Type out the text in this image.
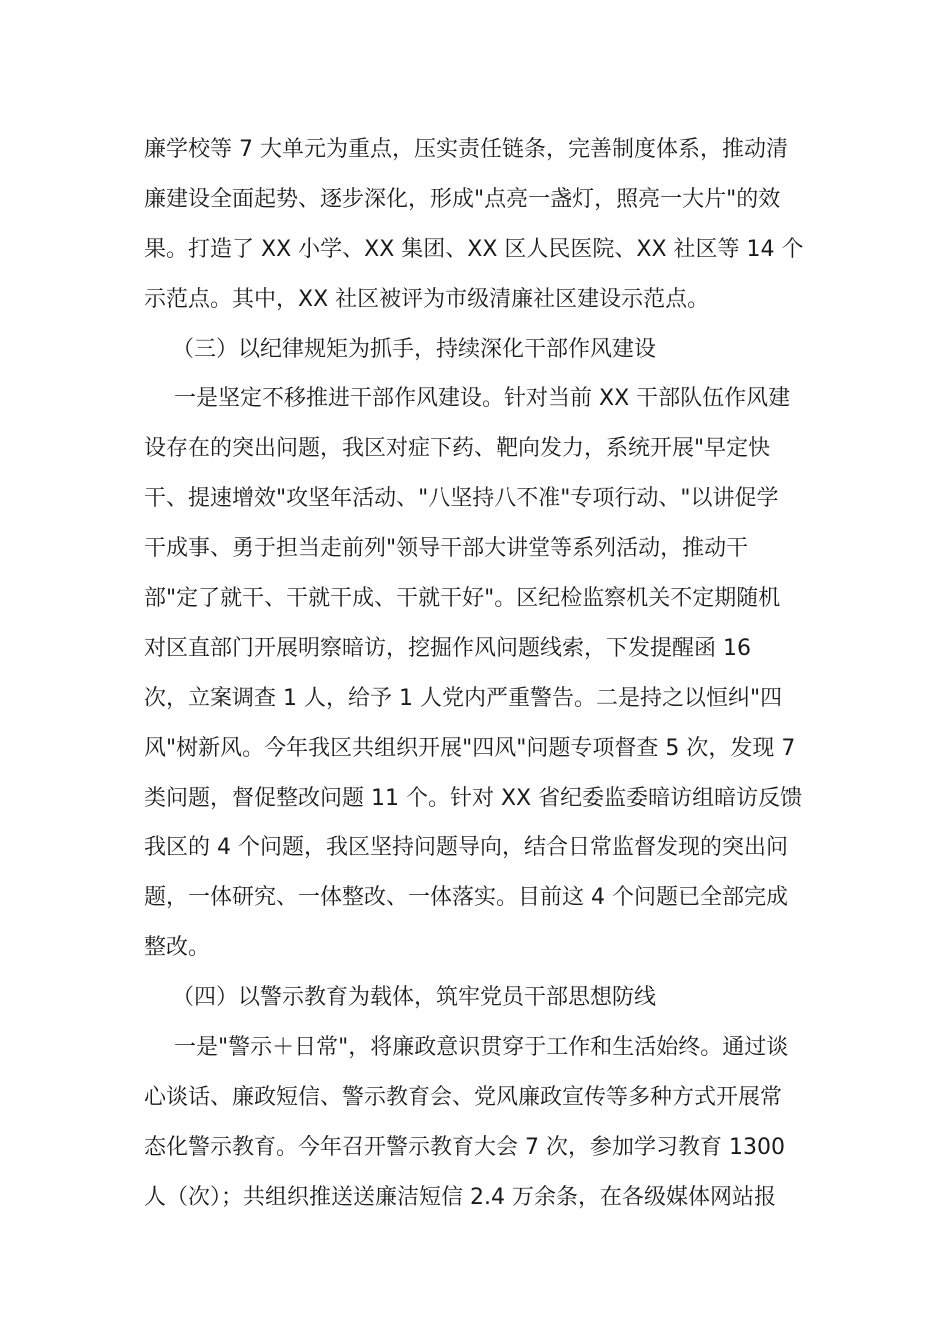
廉学校等 7 大单元为重点，压实责任链条，完善制度体系，推动清
廉建设全面起势、逐步深化，形成"点亮一盏灯，照亮一大片"的效
果。打造了 XX 小学、XX 集团、XX 区人民医院、XX 社区等 14 个
示范点。其中，XX 社区被评为市级清廉社区建设示范点。
（三）以纪律规矩为抓手，持续深化干部作风建设
一是坚定不移推进干部作风建设。针对当前 XX 干部队伍作风建
设存在的突出问题，我区对症下药、靶向发力，系统开展"早定快
干、提速增效"攻坚年活动、"八坚持八不准"专项行动、"以讲促学
干成事、勇于担当走前列"领导干部大讲堂等系列活动，推动干
部"定了就干、干就干成、干就干好"。区纪检监察机关不定期随机
对区直部门开展明察暗访，挖掘作风问题线索，下发提醒函 16
次，立案调查 1 人，给予 1 人党内严重警告。二是持之以恒纠"四
风"树新风。今年我区共组织开展"四风"问题专项督查 5 次，发现 7
类问题，督促整改问题 11 个。针对 XX 省纪委监委暗访组暗访反馈
我区的 4 个问题，我区坚持问题导向，结合日常监督发现的突出问
题，一体研究、一体整改、一体落实。目前这 4 个问题已全部完成
整改。
（四）以警示教育为载体，筑牢党员干部思想防线
一是"警示＋日常"，将廉政意识贯穿于工作和生活始终。通过谈
心谈话、廉政短信、警示教育会、党风廉政宣传等多种方式开展常
态化警示教育。今年召开警示教育大会 7 次，参加学习教育 1300
人（次）；共组织推送送廉洁短信 2.4 万余条，在各级媒体网站报
